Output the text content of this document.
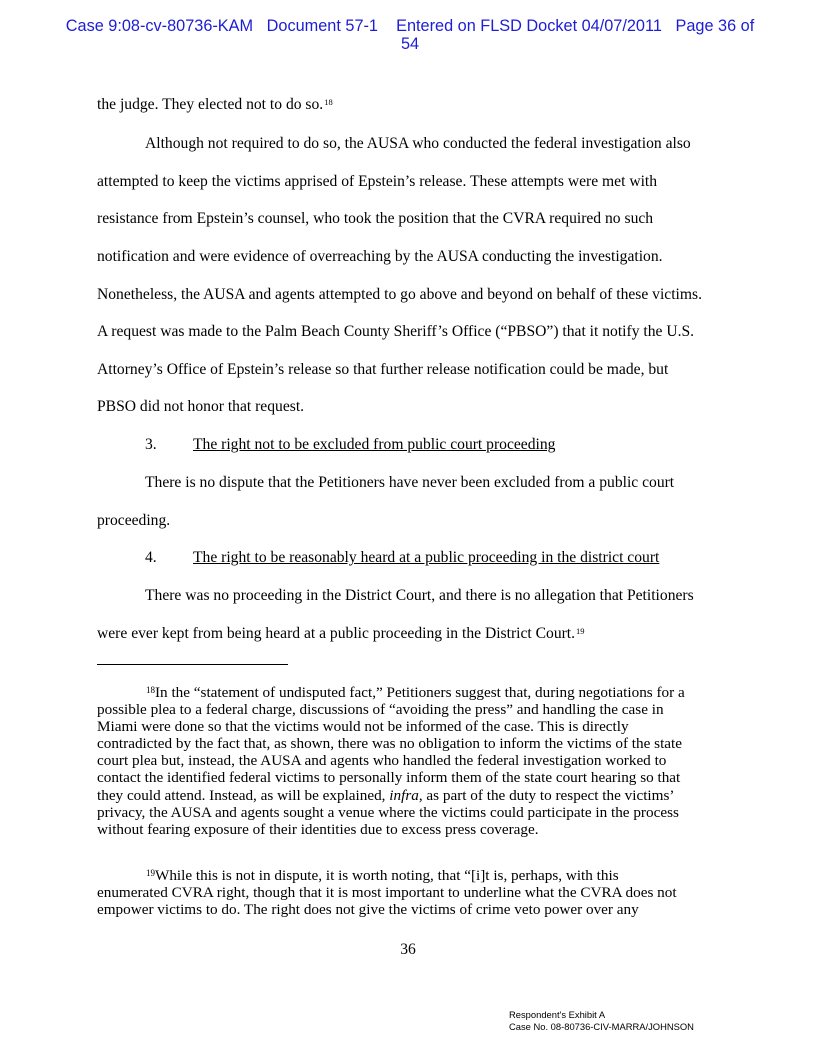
Case 9:08-cv-80736-KAM Document 57-1 Entered on FLSD Docket 04/07/2011 Page 36 of
54

the judge. They elected not to do so.$^{18}$

Although not required to do so, the AUSA who conducted the federal investigation also

attempted to keep the victims apprised of Epstein’s release. These attempts were met with

resistance from Epstein’s counsel, who took the position that the CVRA required no such

notification and were evidence of overreaching by the AUSA conducting the investigation.

Nonetheless, the AUSA and agents attempted to go above and beyond on behalf of these victims.

A request was made to the Palm Beach County Sheriff’s Office (“PBSO”) that it notify the U.S.

Attorney’s Office of Epstein’s release so that further release notification could be made, but

PBSO did not honor that request.

3. The right not to be excluded from public court proceeding

There is no dispute that the Petitioners have never been excluded from a public court

proceeding.

4. The right to be reasonably heard at a public proceeding in the district court

There was no proceeding in the District Court, and there is no allegation that Petitioners

were ever kept from being heard at a public proceeding in the District Court.$^{19}$

$^{18}$In the “statement of undisputed fact,” Petitioners suggest that, during negotiations for a
possible plea to a federal charge, discussions of “avoiding the press” and handling the case in
Miami were done so that the victims would not be informed of the case. This is directly
contradicted by the fact that, as shown, there was no obligation to inform the victims of the state
court plea but, instead, the AUSA and agents who handled the federal investigation worked to
contact the identified federal victims to personally inform them of the state court hearing so that
they could attend. Instead, as will be explained, infra, as part of the duty to respect the victims’
privacy, the AUSA and agents sought a venue where the victims could participate in the process
without fearing exposure of their identities due to excess press coverage.
$^{19}$While this is not in dispute, it is worth noting, that “[i]t is, perhaps, with this
enumerated CVRA right, though that it is most important to underline what the CVRA does not
empower victims to do. The right does not give the victims of crime veto power over any
36
Respondent's Exhibit A
Case No. 08-80736-CIV-MARRA/JOHNSON
